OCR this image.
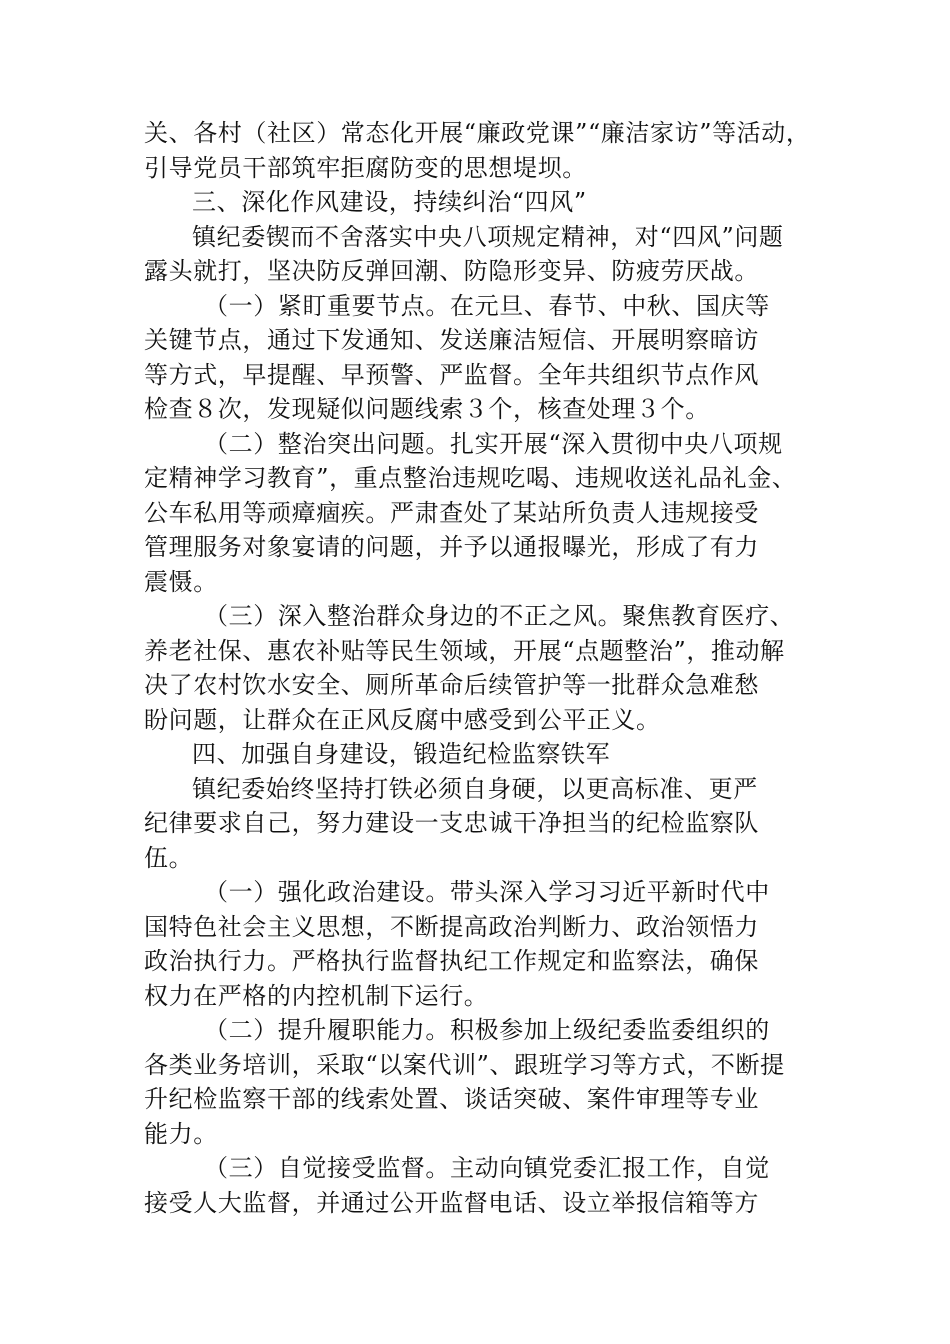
关、各村（社区）常态化开展“廉政党课”“廉洁家访”等活动，
引导党员干部筑牢拒腐防变的思想堤坝。
三、深化作风建设，持续纠治“四风”
镇纪委锲而不舍落实中央八项规定精神，对“四风”问题
露头就打，坚决防反弹回潮、防隐形变异、防疲劳厌战。
（一）紧盯重要节点。在元旦、春节、中秋、国庆等
关键节点，通过下发通知、发送廉洁短信、开展明察暗访
等方式，早提醒、早预警、严监督。全年共组织节点作风
检查８次，发现疑似问题线索３个，核查处理３个。
（二）整治突出问题。扎实开展“深入贯彻中央八项规
定精神学习教育”，重点整治违规吃喝、违规收送礼品礼金、
公车私用等顽瘴痼疾。严肃查处了某站所负责人违规接受
管理服务对象宴请的问题，并予以通报曝光，形成了有力
震慑。
（三）深入整治群众身边的不正之风。聚焦教育医疗、
养老社保、惠农补贴等民生领域，开展“点题整治”，推动解
决了农村饮水安全、厕所革命后续管护等一批群众急难愁
盼问题，让群众在正风反腐中感受到公平正义。
四、加强自身建设，锻造纪检监察铁军
镇纪委始终坚持打铁必须自身硬，以更高标准、更严
纪律要求自己，努力建设一支忠诚干净担当的纪检监察队
伍。
（一）强化政治建设。带头深入学习习近平新时代中
国特色社会主义思想，不断提高政治判断力、政治领悟力
政治执行力。严格执行监督执纪工作规定和监察法，确保
权力在严格的内控机制下运行。
（二）提升履职能力。积极参加上级纪委监委组织的
各类业务培训，采取“以案代训”、跟班学习等方式，不断提
升纪检监察干部的线索处置、谈话突破、案件审理等专业
能力。
（三）自觉接受监督。主动向镇党委汇报工作，自觉
接受人大监督，并通过公开监督电话、设立举报信箱等方
